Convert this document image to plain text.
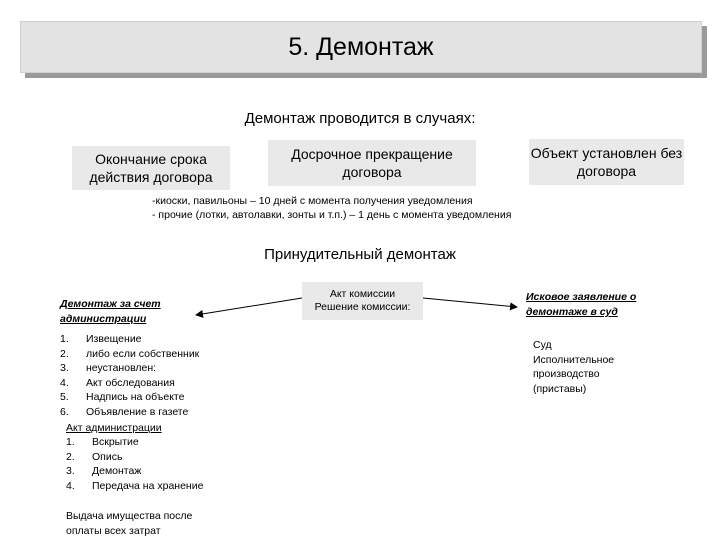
5. Демонтаж
Демонтаж проводится в случаях:
Окончание срока действия договора
Досрочное прекращение договора
Объект установлен без договора
-киоски, павильоны – 10 дней с момента получения уведомления
- прочие (лотки, автолавки, зонты и т.п.) – 1 день с момента уведомления
Принудительный демонтаж
Акт комиссии
Решение комиссии:
Демонтаж за счет администрации
1.	Извещение
2.	либо если собственник
3.	неустановлен:
4.	Акт обследования
5.	Надпись на объекте
6.	Объявление в газете
Акт администрации
1.	Вскрытие
2.	Опись
3.	Демонтаж
4.	Передача на хранение
Выдача имущества после
оплаты всех затрат
Исковое заявление о демонтаже в суд
Суд
Исполнительное
производство
(приставы)
